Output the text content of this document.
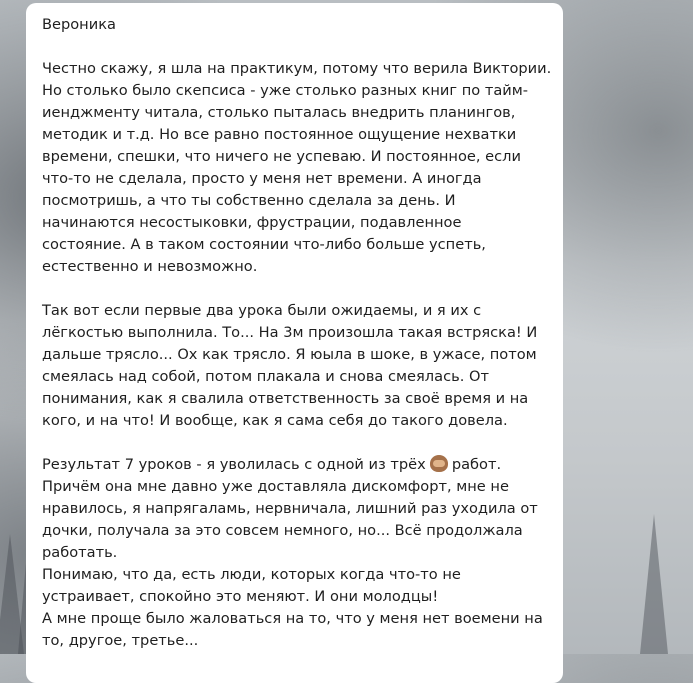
Вероника
Честно скажу, я шла на практикум, потому что верила Виктории.
Но столько было скепсиса - уже столько разных книг по тайм-
иенджменту читала, столько пыталась внедрить планингов,
методик и т.д. Но все равно постоянное ощущение нехватки
времени, спешки, что ничего не успеваю. И постоянное, если
что-то не сделала, просто у меня нет времени. А иногда
посмотришь, а что ты собственно сделала за день. И
начинаются несостыковки, фрустрации, подавленное
состояние. А в таком состоянии что-либо больше успеть,
естественно и невозможно.
Так вот если первые два урока были ожидаемы, и я их с
лёгкостью выполнила. То... На 3м произошла такая встряска! И
дальше трясло... Ох как трясло. Я юыла в шоке, в ужасе, потом
смеялась над собой, потом плакала и снова смеялась. От
понимания, как я свалила ответственность за своё время и на
кого, и на что! И вообще, как я сама себя до такого довела.
Результат 7 уроков - я уволилась с одной из трёх работ.
Причём она мне давно уже доставляла дискомфорт, мне не
нравилось, я напрягаламь, нервничала, лишний раз уходила от
дочки, получала за это совсем немного, но... Всё продолжала
работать.
Понимаю, что да, есть люди, которых когда что-то не
устраивает, спокойно это меняют. И они молодцы!
А мне проще было жаловаться на то, что у меня нет воемени на
то, другое, третье...
